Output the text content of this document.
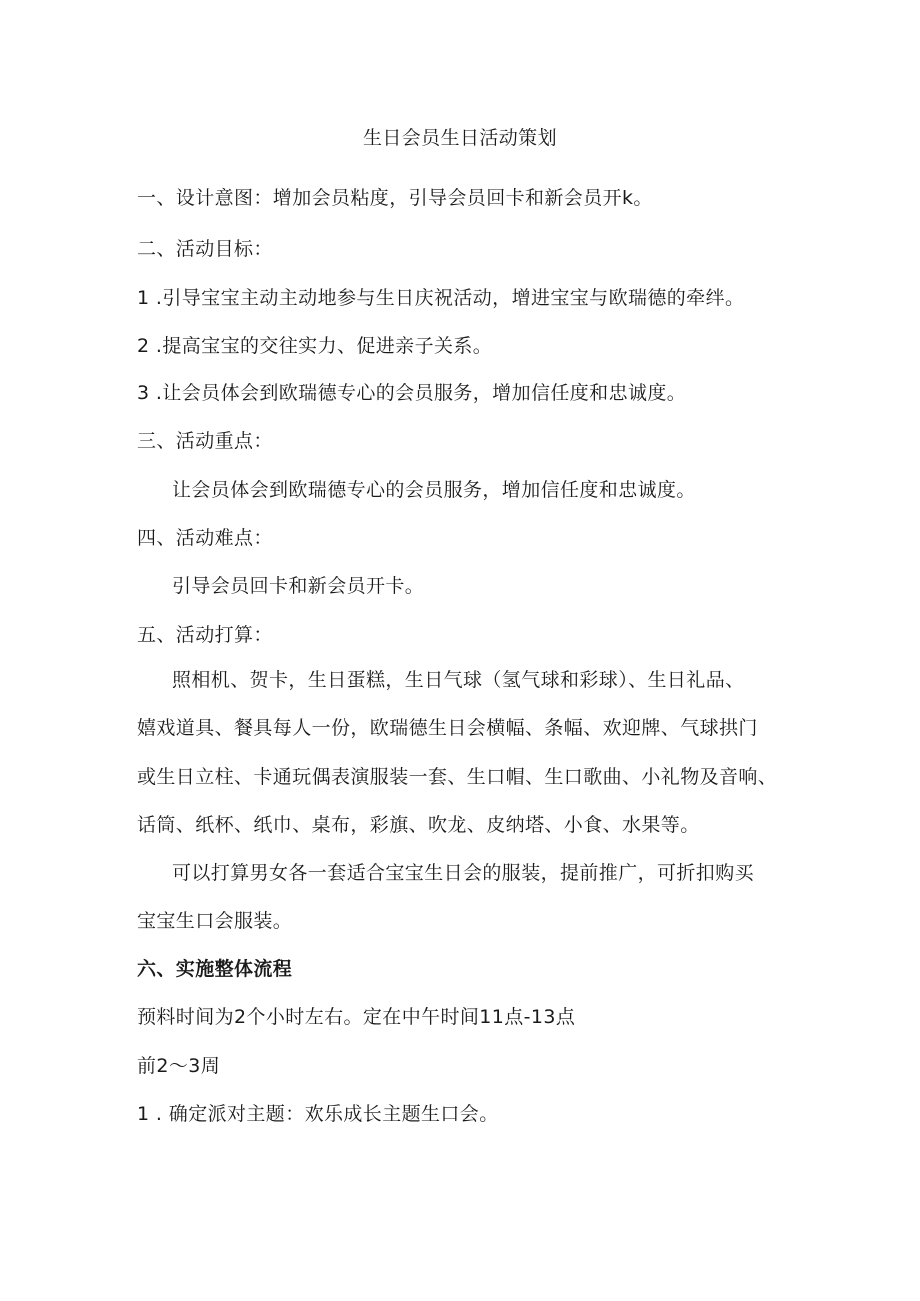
生日会员生日活动策划
一、设计意图：增加会员粘度，引导会员回卡和新会员开k。
二、活动目标：
1 .引导宝宝主动主动地参与生日庆祝活动，增进宝宝与欧瑞德的牵绊。
2 .提高宝宝的交往实力、促进亲子关系。
3 .让会员体会到欧瑞德专心的会员服务，增加信任度和忠诚度。
三、活动重点：
让会员体会到欧瑞德专心的会员服务，增加信任度和忠诚度。
四、活动难点：
引导会员回卡和新会员开卡。
五、活动打算：
照相机、贺卡，生日蛋糕，生日气球（氢气球和彩球）、生日礼品、
嬉戏道具、餐具每人一份，欧瑞德生日会横幅、条幅、欢迎牌、气球拱门
或生日立柱、卡通玩偶表演服装一套、生口帽、生口歌曲、小礼物及音响、
话筒、纸杯、纸巾、桌布，彩旗、吹龙、皮纳塔、小食、水果等。
可以打算男女各一套适合宝宝生日会的服装，提前推广，可折扣购买
宝宝生口会服装。
六、实施整体流程
预料时间为2个小时左右。定在中午时间11点-13点
前2〜3周
1 . 确定派对主题：欢乐成长主题生口会。
